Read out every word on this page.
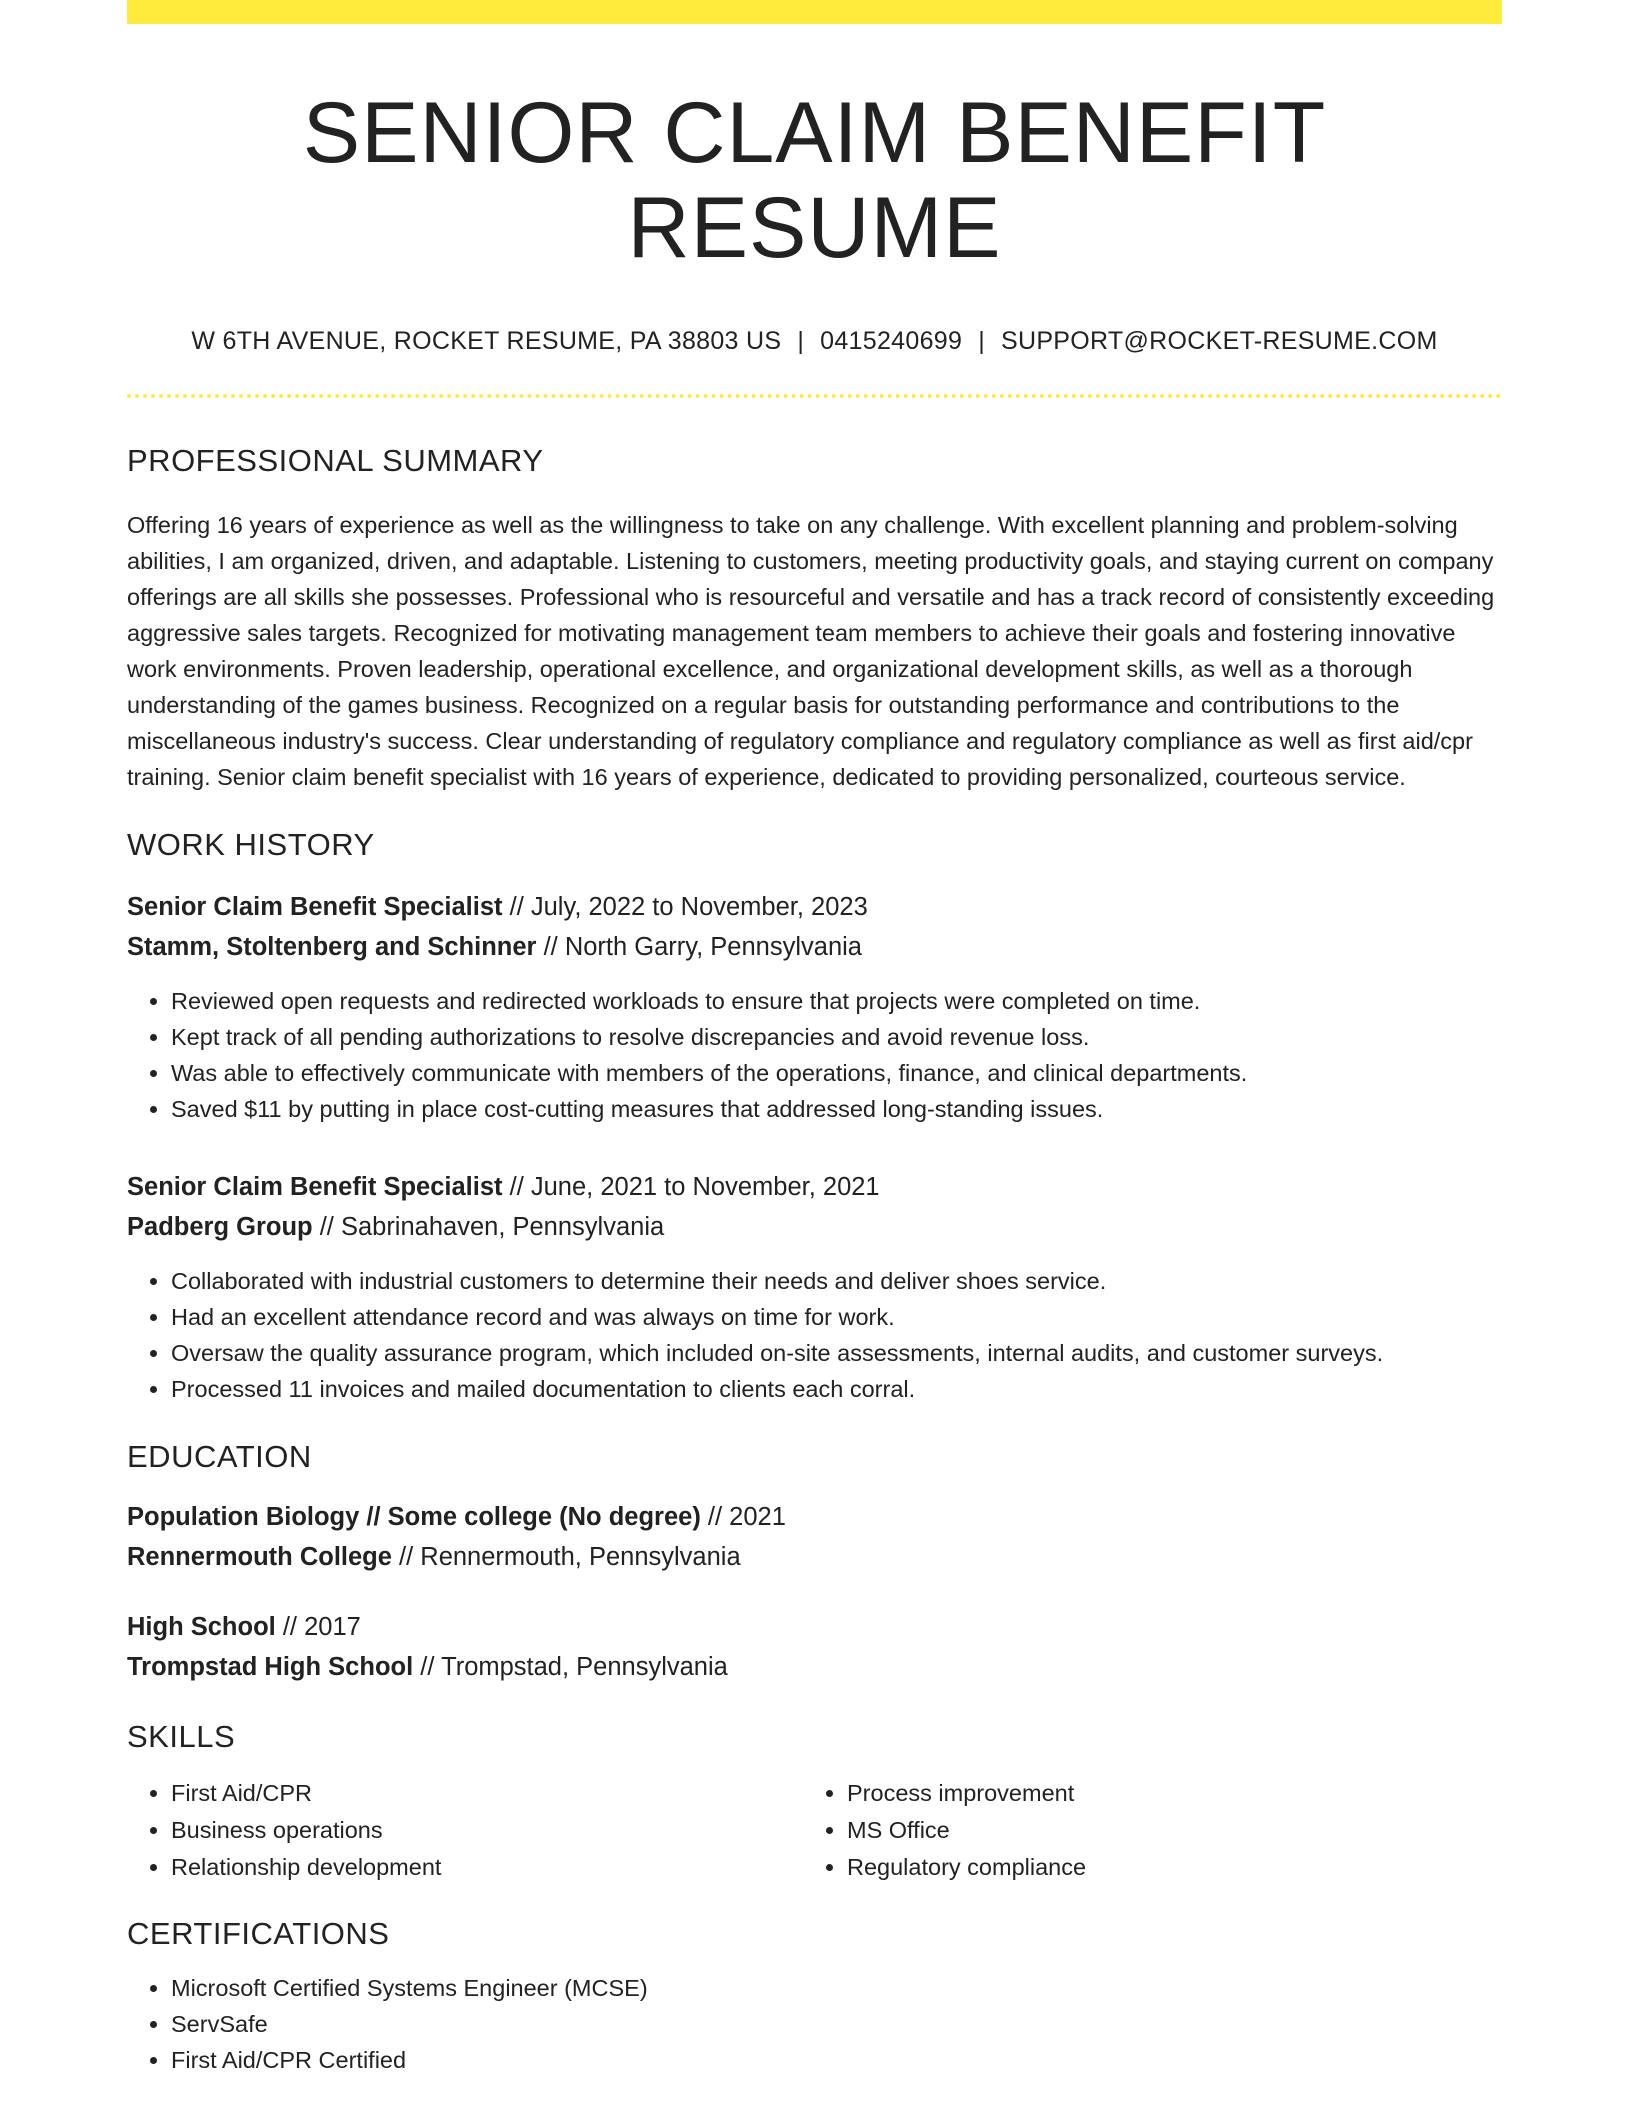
SENIOR CLAIM BENEFIT RESUME
W 6TH AVENUE, ROCKET RESUME, PA 38803 US | 0415240699 | SUPPORT@ROCKET-RESUME.COM
PROFESSIONAL SUMMARY
Offering 16 years of experience as well as the willingness to take on any challenge. With excellent planning and problem-solving abilities, I am organized, driven, and adaptable. Listening to customers, meeting productivity goals, and staying current on company offerings are all skills she possesses. Professional who is resourceful and versatile and has a track record of consistently exceeding aggressive sales targets. Recognized for motivating management team members to achieve their goals and fostering innovative work environments. Proven leadership, operational excellence, and organizational development skills, as well as a thorough understanding of the games business. Recognized on a regular basis for outstanding performance and contributions to the miscellaneous industry's success. Clear understanding of regulatory compliance and regulatory compliance as well as first aid/cpr training. Senior claim benefit specialist with 16 years of experience, dedicated to providing personalized, courteous service.
WORK HISTORY
Senior Claim Benefit Specialist // July, 2022 to November, 2023
Stamm, Stoltenberg and Schinner // North Garry, Pennsylvania
• Reviewed open requests and redirected workloads to ensure that projects were completed on time.
• Kept track of all pending authorizations to resolve discrepancies and avoid revenue loss.
• Was able to effectively communicate with members of the operations, finance, and clinical departments.
• Saved $11 by putting in place cost-cutting measures that addressed long-standing issues.
Senior Claim Benefit Specialist // June, 2021 to November, 2021
Padberg Group // Sabrinahaven, Pennsylvania
• Collaborated with industrial customers to determine their needs and deliver shoes service.
• Had an excellent attendance record and was always on time for work.
• Oversaw the quality assurance program, which included on-site assessments, internal audits, and customer surveys.
• Processed 11 invoices and mailed documentation to clients each corral.
EDUCATION
Population Biology // Some college (No degree) // 2021
Rennermouth College // Rennermouth, Pennsylvania
High School // 2017
Trompstad High School // Trompstad, Pennsylvania
SKILLS
• First Aid/CPR
• Business operations
• Relationship development
• Process improvement
• MS Office
• Regulatory compliance
CERTIFICATIONS
• Microsoft Certified Systems Engineer (MCSE)
• ServSafe
• First Aid/CPR Certified
